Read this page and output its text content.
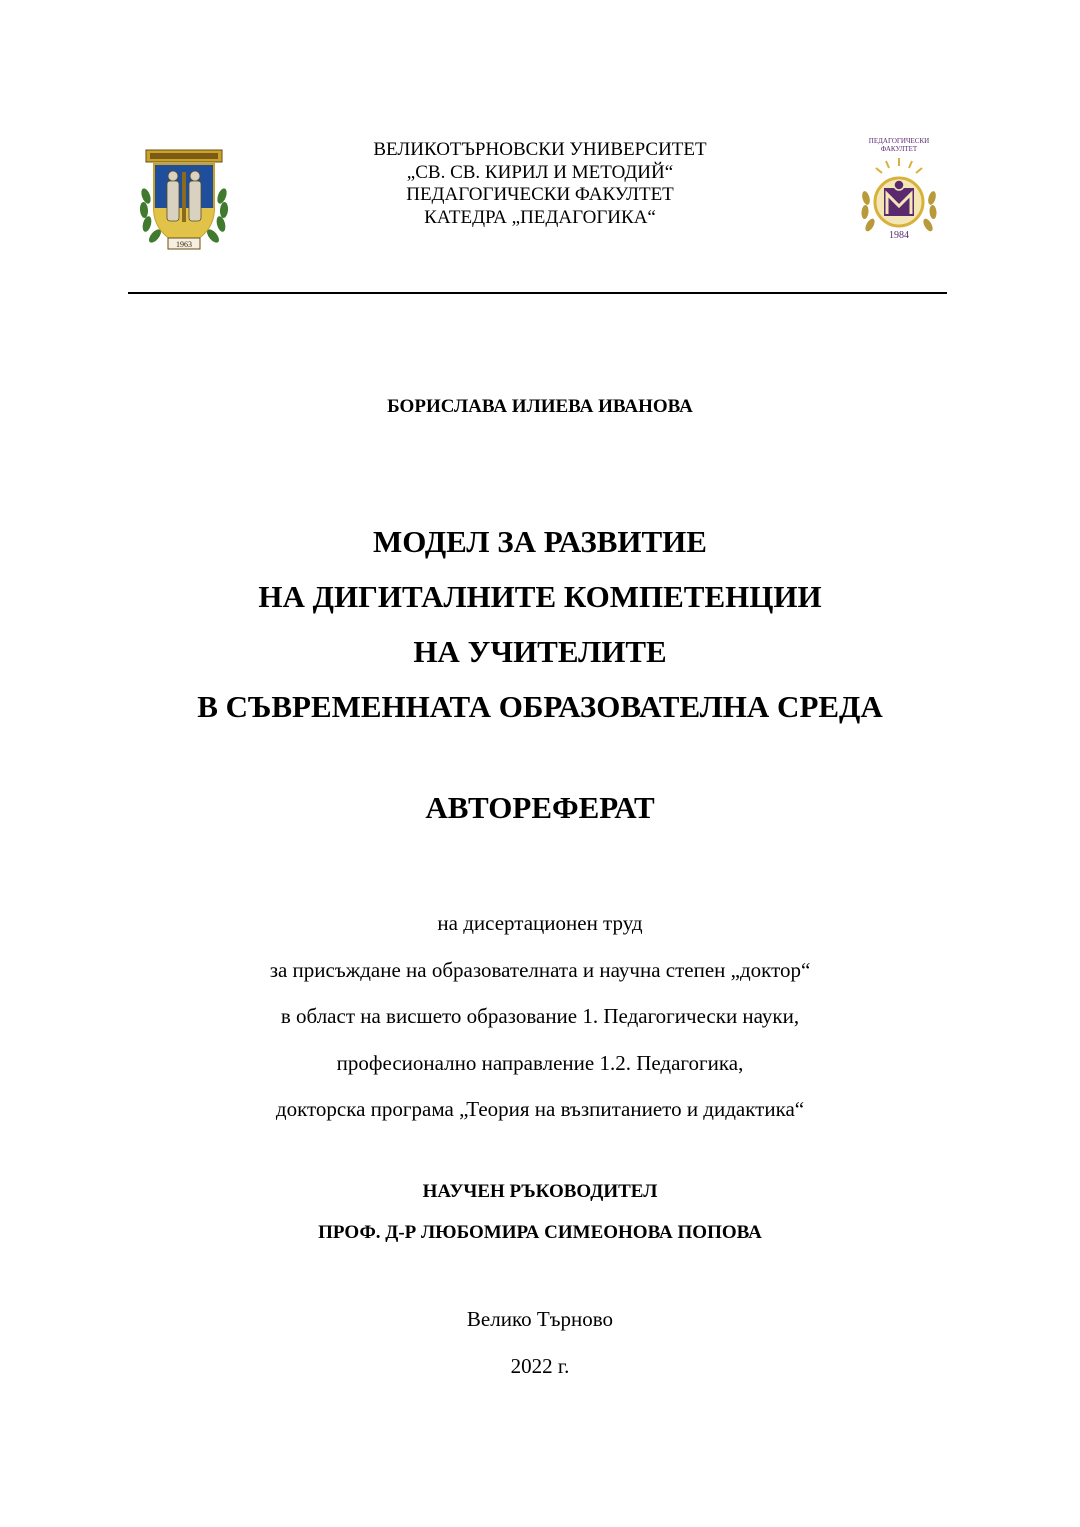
1963
ВЕЛИКОТЪРНОВСКИ УНИВЕРСИТЕТ
„СВ. СВ. КИРИЛ И МЕТОДИЙ“
ПЕДАГОГИЧЕСКИ ФАКУЛТЕТ
КАТЕДРА „ПЕДАГОГИКА“
ПЕДАГОГИЧЕСКИ
ФАКУЛТЕТ
1984
БОРИСЛАВА ИЛИЕВА ИВАНОВА
МОДЕЛ ЗА РАЗВИТИЕ
НА ДИГИТАЛНИТЕ КОМПЕТЕНЦИИ
НА УЧИТЕЛИТЕ
В СЪВРЕМЕННАТА ОБРАЗОВАТЕЛНА СРЕДА
АВТОРЕФЕРАТ
на дисертационен труд
за присъждане на образователната и научна степен „доктор“
в област на висшето образование 1. Педагогически науки,
професионално направление 1.2. Педагогика,
докторска програма „Теория на възпитанието и дидактика“
НАУЧЕН РЪКОВОДИТЕЛ
ПРОФ. Д-Р ЛЮБОМИРА СИМЕОНОВА ПОПОВА
Велико Търново
2022 г.
